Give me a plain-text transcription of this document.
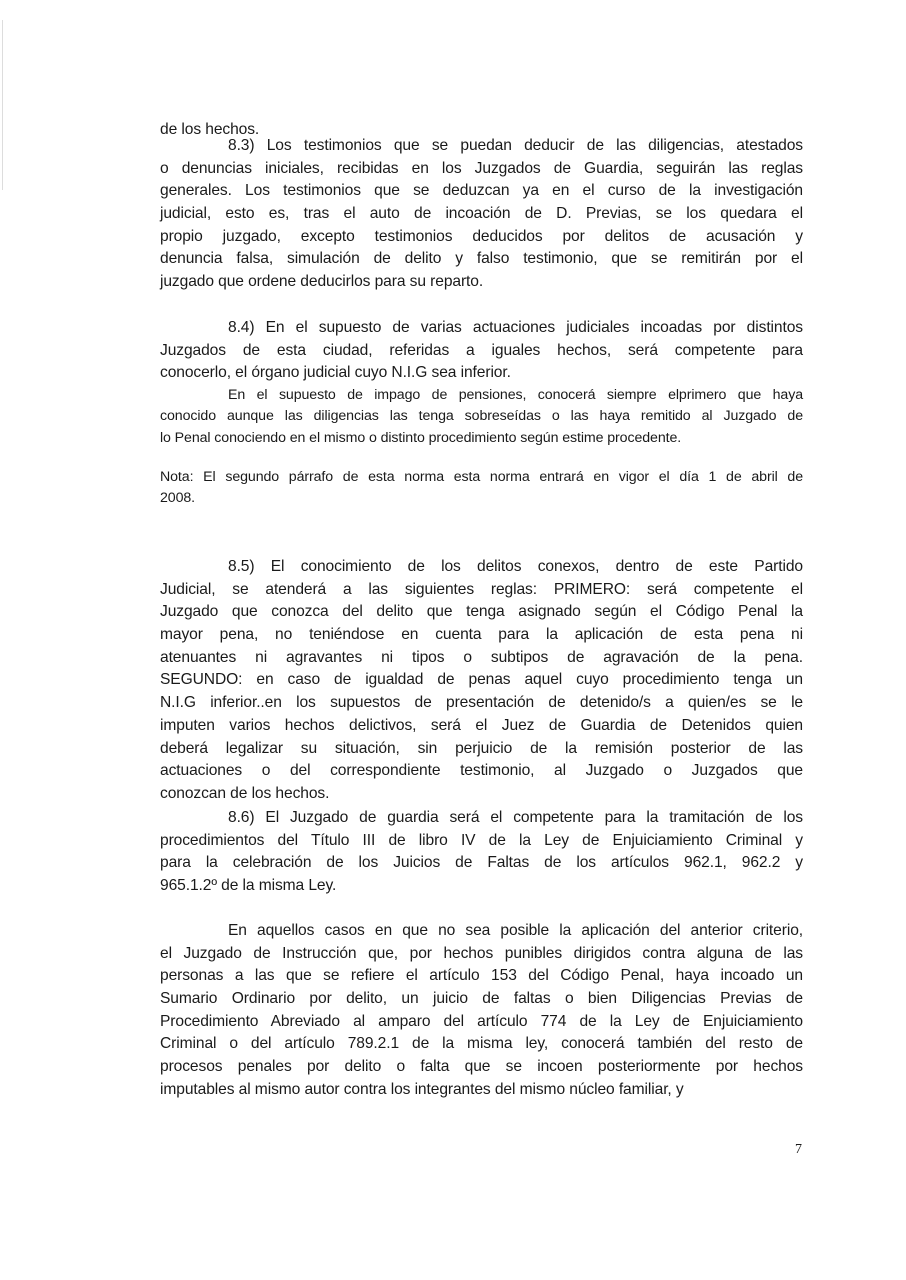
de los hechos.
8.3) Los testimonios que se puedan deducir de las diligencias, atestados
o denuncias iniciales, recibidas en los Juzgados de Guardia, seguirán las reglas
generales. Los testimonios que se deduzcan ya en el curso de la investigación
judicial, esto es, tras el auto de incoación de D. Previas, se los quedara el
propio juzgado, excepto testimonios deducidos por delitos de acusación y
denuncia falsa, simulación de delito y falso testimonio, que se remitirán por el
juzgado que ordene deducirlos para su reparto.
8.4) En el supuesto de varias actuaciones judiciales incoadas por distintos
Juzgados de esta ciudad, referidas a iguales hechos, será competente para
conocerlo, el órgano judicial cuyo N.I.G sea inferior.
En el supuesto de impago de pensiones, conocerá siempre elprimero que haya
conocido aunque las diligencias las tenga sobreseídas o las haya remitido al Juzgado de
lo Penal conociendo en el mismo o distinto procedimiento según estime procedente.
Nota: El segundo párrafo de esta norma esta norma entrará en vigor el día 1 de abril de
2008.
8.5) El conocimiento de los delitos conexos, dentro de este Partido
Judicial, se atenderá a las siguientes reglas: PRIMERO: será competente el
Juzgado que conozca del delito que tenga asignado según el Código Penal la
mayor pena, no teniéndose en cuenta para la aplicación de esta pena ni
atenuantes ni agravantes ni tipos o subtipos de agravación de la pena.
SEGUNDO: en caso de igualdad de penas aquel cuyo procedimiento tenga un
N.I.G inferior..en los supuestos de presentación de detenido/s a quien/es se le
imputen varios hechos delictivos, será el Juez de Guardia de Detenidos quien
deberá legalizar su situación, sin perjuicio de la remisión posterior de las
actuaciones o del correspondiente testimonio, al Juzgado o Juzgados que
conozcan de los hechos.
8.6) El Juzgado de guardia será el competente para la tramitación de los
procedimientos del Título III de libro IV de la Ley de Enjuiciamiento Criminal y
para la celebración de los Juicios de Faltas de los artículos 962.1, 962.2 y
965.1.2º de la misma Ley.
En aquellos casos en que no sea posible la aplicación del anterior criterio,
el Juzgado de Instrucción que, por hechos punibles dirigidos contra alguna de las
personas a las que se refiere el artículo 153 del Código Penal, haya incoado un
Sumario Ordinario por delito, un juicio de faltas o bien Diligencias Previas de
Procedimiento Abreviado al amparo del artículo 774 de la Ley de Enjuiciamiento
Criminal o del artículo 789.2.1 de la misma ley, conocerá también del resto de
procesos penales por delito o falta que se incoen posteriormente por hechos
imputables al mismo autor contra los integrantes del mismo núcleo familiar, y
7
